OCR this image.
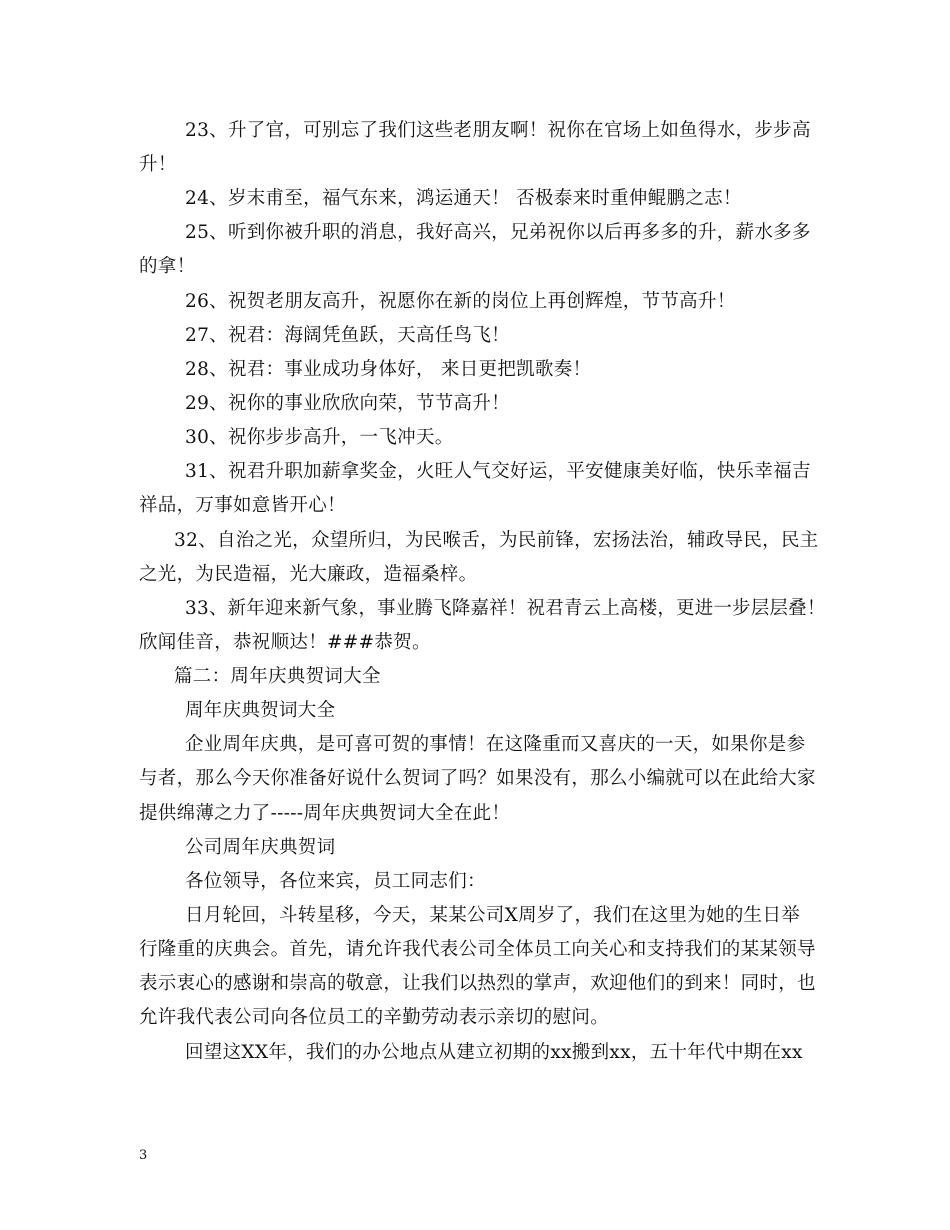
23、升了官，可别忘了我们这些老朋友啊！祝你在官场上如鱼得水，步步高
升！
24、岁末甫至，福气东来，鸿运通天！ 否极泰来时重伸鲲鹏之志！
25、听到你被升职的消息，我好高兴，兄弟祝你以后再多多的升，薪水多多
的拿！
26、祝贺老朋友高升，祝愿你在新的岗位上再创辉煌，节节高升！
27、祝君：海阔凭鱼跃，天高任鸟飞！
28、祝君：事业成功身体好， 来日更把凯歌奏！
29、祝你的事业欣欣向荣，节节高升！
30、祝你步步高升，一飞冲天。
31、祝君升职加薪拿奖金，火旺人气交好运，平安健康美好临，快乐幸福吉
祥品，万事如意皆开心！
32、自治之光，众望所归，为民喉舌，为民前锋，宏扬法治，辅政导民，民主
之光，为民造福，光大廉政，造福桑梓。
33、新年迎来新气象，事业腾飞降嘉祥！祝君青云上高楼，更进一步层层叠！
欣闻佳音，恭祝顺达！###恭贺。
篇二：周年庆典贺词大全
周年庆典贺词大全
企业周年庆典，是可喜可贺的事情！在这隆重而又喜庆的一天，如果你是参
与者，那么今天你准备好说什么贺词了吗？如果没有，那么小编就可以在此给大家
提供绵薄之力了-----周年庆典贺词大全在此！
公司周年庆典贺词
各位领导，各位来宾，员工同志们：
日月轮回，斗转星移，今天，某某公司X周岁了，我们在这里为她的生日举
行隆重的庆典会。首先，请允许我代表公司全体员工向关心和支持我们的某某领导
表示衷心的感谢和崇高的敬意，让我们以热烈的掌声，欢迎他们的到来！同时，也
允许我代表公司向各位员工的辛勤劳动表示亲切的慰问。
回望这XX年，我们的办公地点从建立初期的xx搬到xx，五十年代中期在xx
3
